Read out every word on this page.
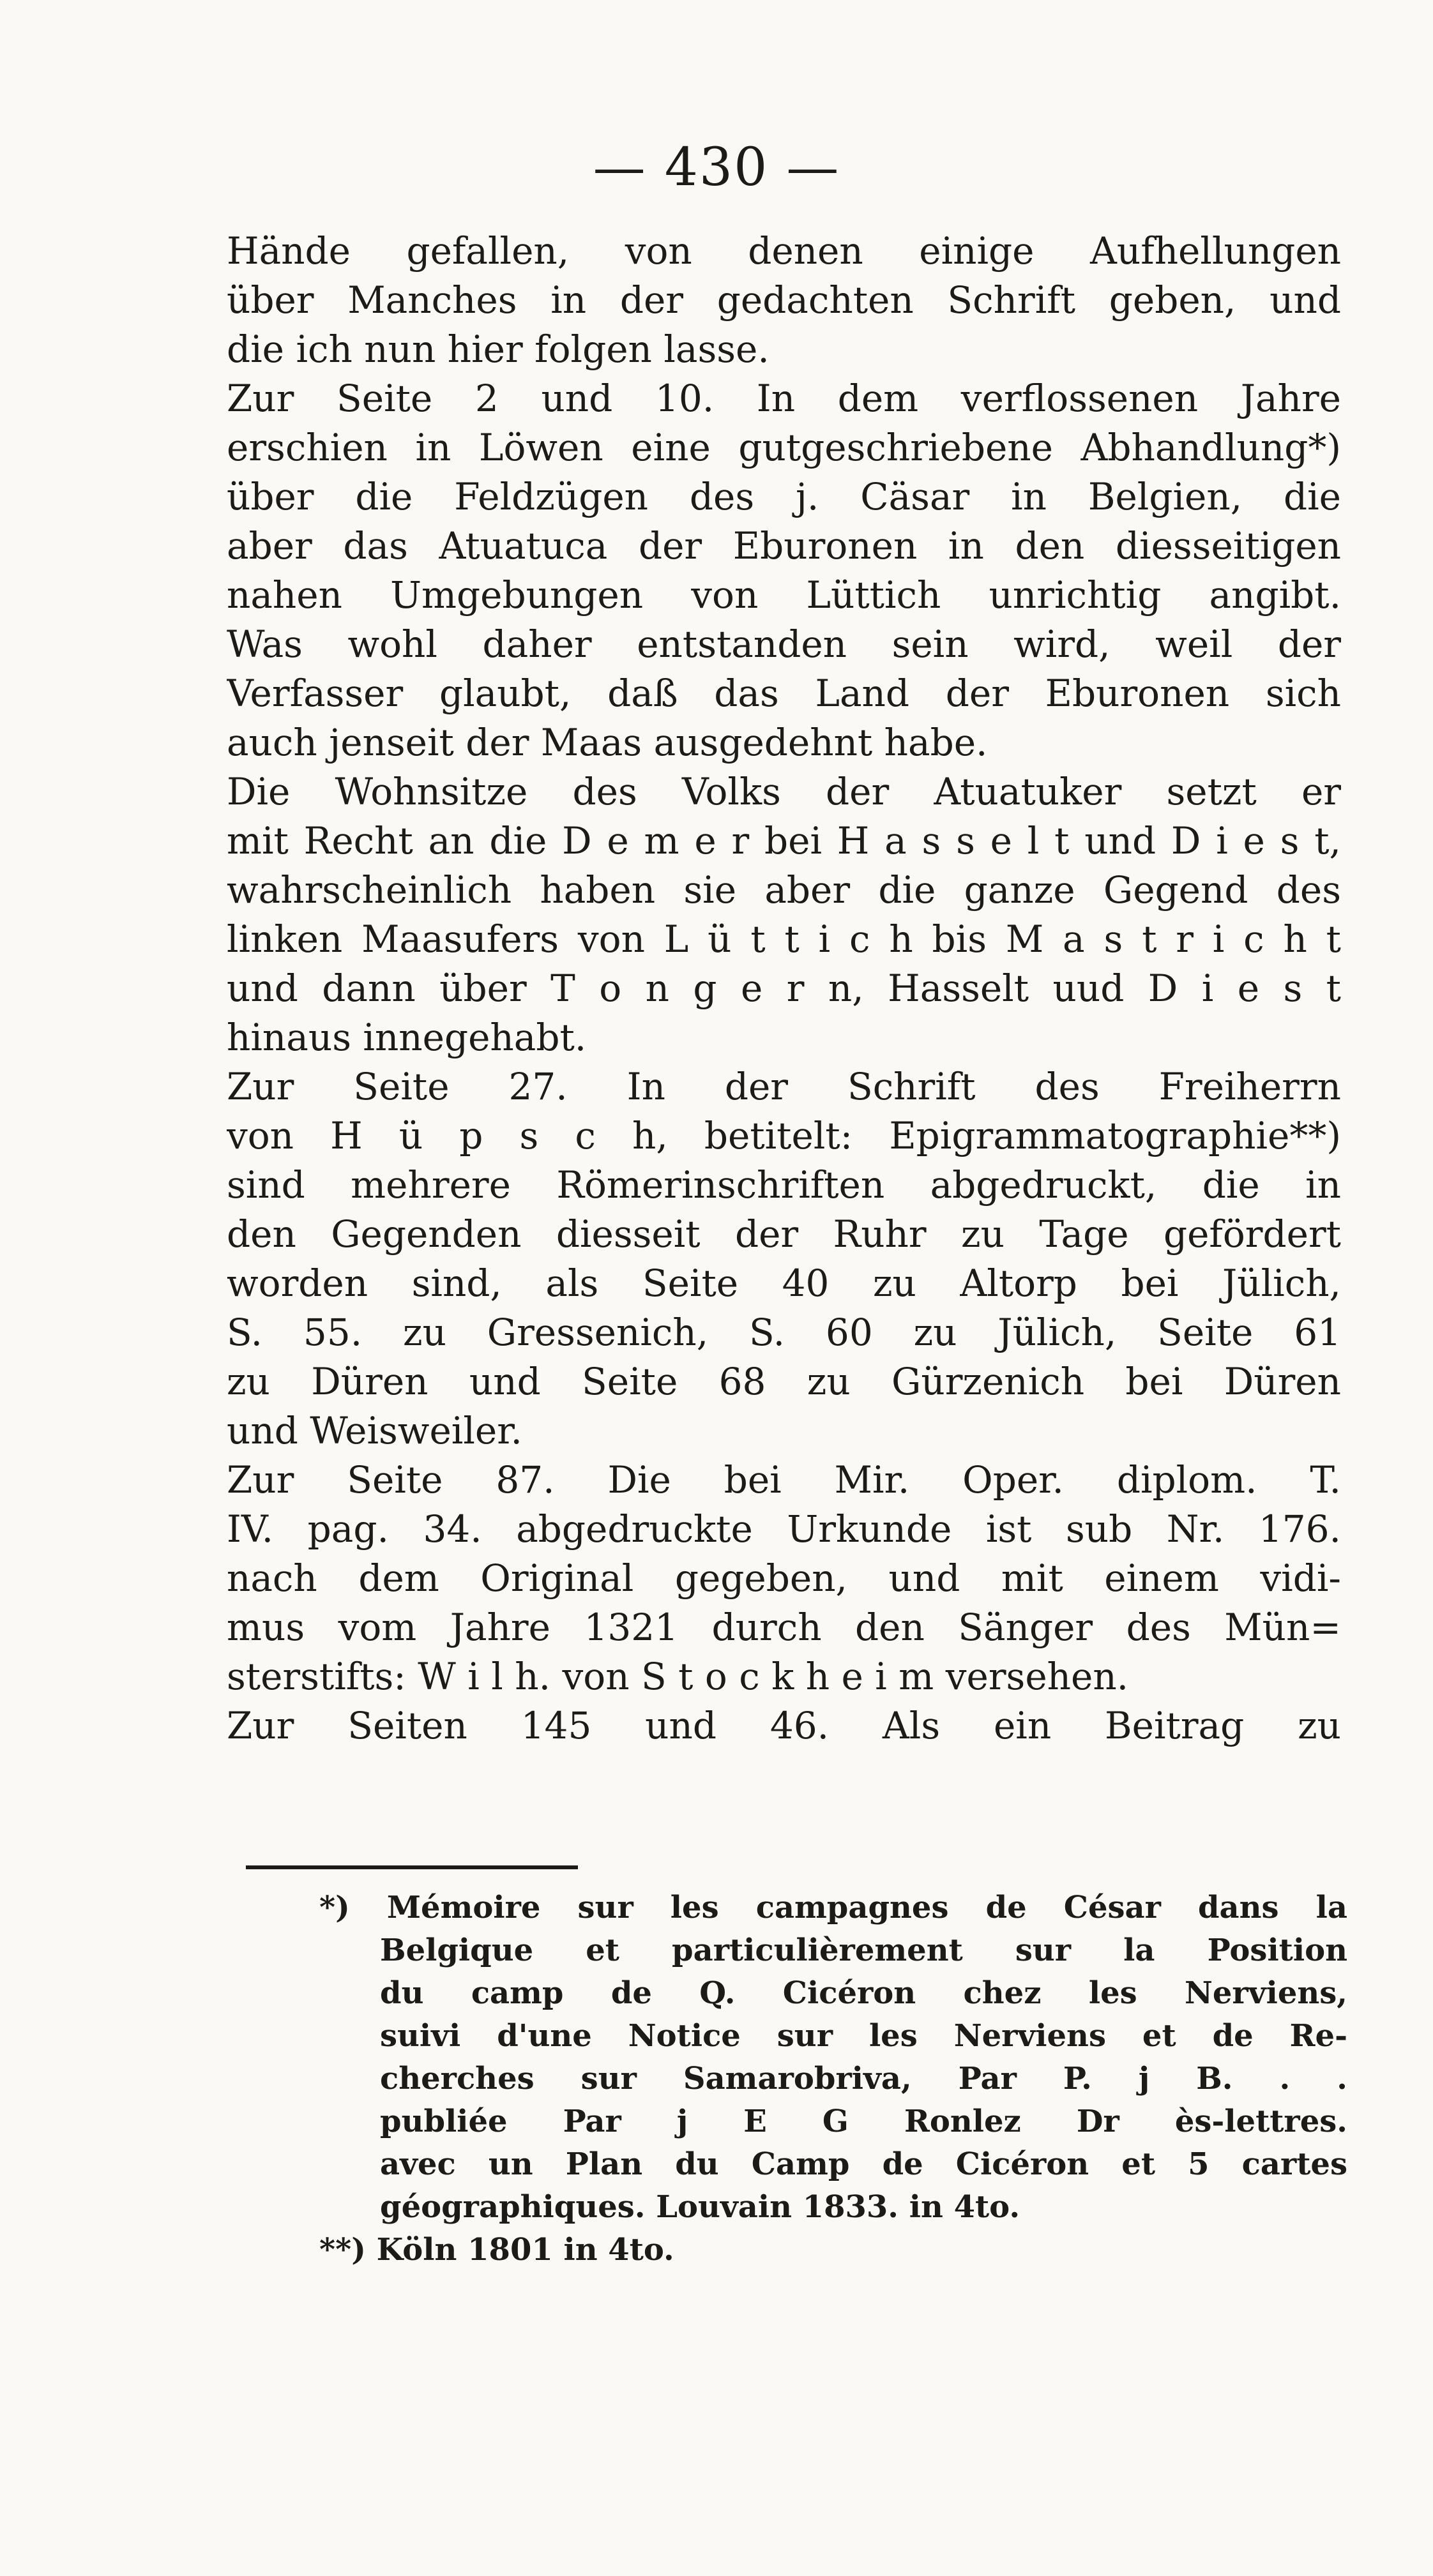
— 430 —
Hände gefallen, von denen einige Aufhellungen
über Manches in der gedachten Schrift geben, und
die ich nun hier folgen lasse.
Zur Seite 2 und 10. In dem verflossenen Jahre
erschien in Löwen eine gutgeschriebene Abhandlung*)
über die Feldzügen des j. Cäsar in Belgien, die
aber das Atuatuca der Eburonen in den diesseitigen
nahen Umgebungen von Lüttich unrichtig angibt.
Was wohl daher entstanden sein wird, weil der
Verfasser glaubt, daß das Land der Eburonen sich
auch jenseit der Maas ausgedehnt habe.
Die Wohnsitze des Volks der Atuatuker setzt er
mit Recht an die D e m e r bei H a s s e l t und D i e s t,
wahrscheinlich haben sie aber die ganze Gegend des
linken Maasufers von L ü t t i c h bis M a s t r i c h t
und dann über T o n g e r n, Hasselt uud D i e s t
hinaus innegehabt.
Zur Seite 27. In der Schrift des Freiherrn
von H ü p s c h, betitelt: Epigrammatographie**)
sind mehrere Römerinschriften abgedruckt, die in
den Gegenden diesseit der Ruhr zu Tage gefördert
worden sind, als Seite 40 zu Altorp bei Jülich,
S. 55. zu Gressenich, S. 60 zu Jülich, Seite 61
zu Düren und Seite 68 zu Gürzenich bei Düren
und Weisweiler.
Zur Seite 87. Die bei Mir. Oper. diplom. T.
IV. pag. 34. abgedruckte Urkunde ist sub Nr. 176.
nach dem Original gegeben, und mit einem vidi-
mus vom Jahre 1321 durch den Sänger des Mün=
sterstifts: W i l h. von S t o c k h e i m versehen.
Zur Seiten 145 und 46. Als ein Beitrag zu
*) Mémoire sur les campagnes de César dans la
Belgique et particulièrement sur la Position
du camp de Q. Cicéron chez les Nerviens,
suivi d'une Notice sur les Nerviens et de Re-
cherches sur Samarobriva, Par P. j B. . .
publiée Par j E G Ronlez Dr ès-lettres.
avec un Plan du Camp de Cicéron et 5 cartes
géographiques. Louvain 1833. in 4to.
**) Köln 1801 in 4to.
